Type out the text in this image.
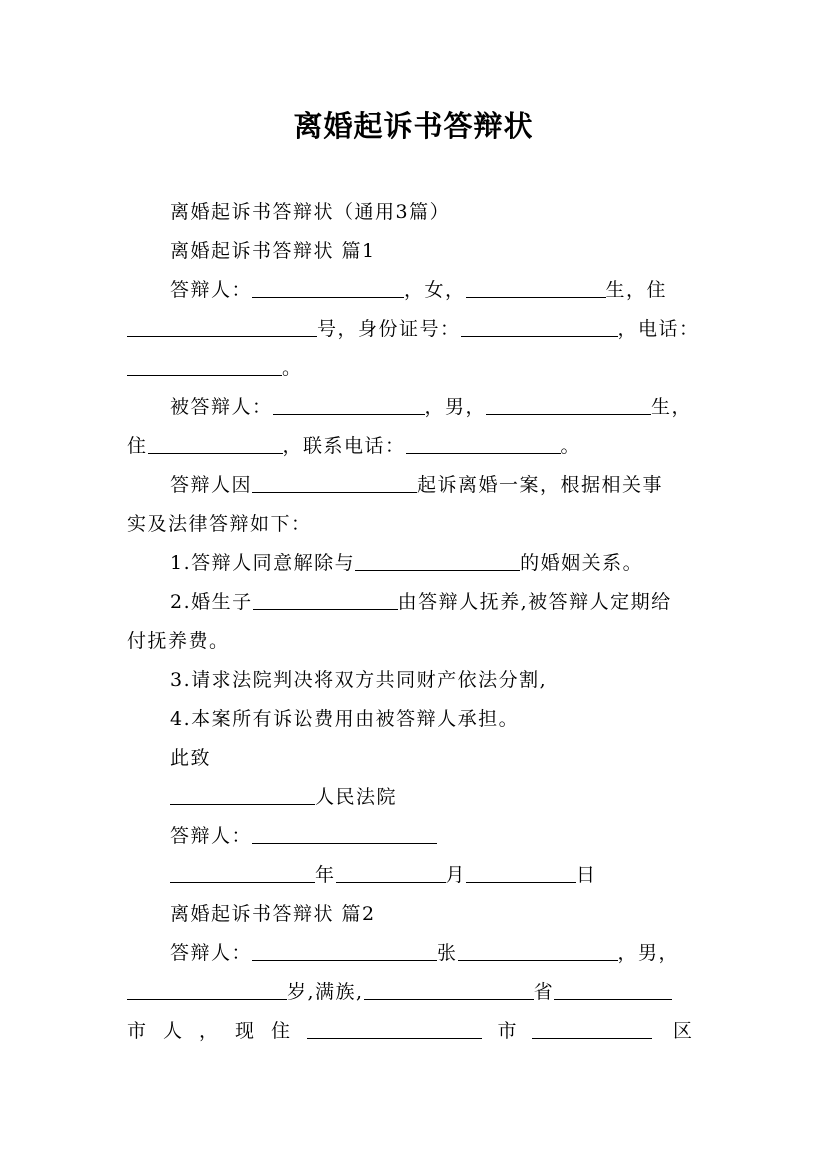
离婚起诉书答辩状
离婚起诉书答辩状（通用3篇）
离婚起诉书答辩状 篇1
答辩人：	，女，	生，住
号，身份证号：	，电话：
。
被答辩人：	，男，	生，
住	，联系电话：	。
答辩人因	起诉离婚一案，根据相关事
实及法律答辩如下：
1.答辩人同意解除与	的婚姻关系。
2.婚生子	由答辩人抚养,被答辩人定期给
付抚养费。
3.请求法院判决将双方共同财产依法分割,
4.本案所有诉讼费用由被答辩人承担。
此致
人民法院
答辩人：
年	月	日
离婚起诉书答辩状 篇2
答辩人：	张	，男，
岁,满族,	省
市人，现住	市	区
